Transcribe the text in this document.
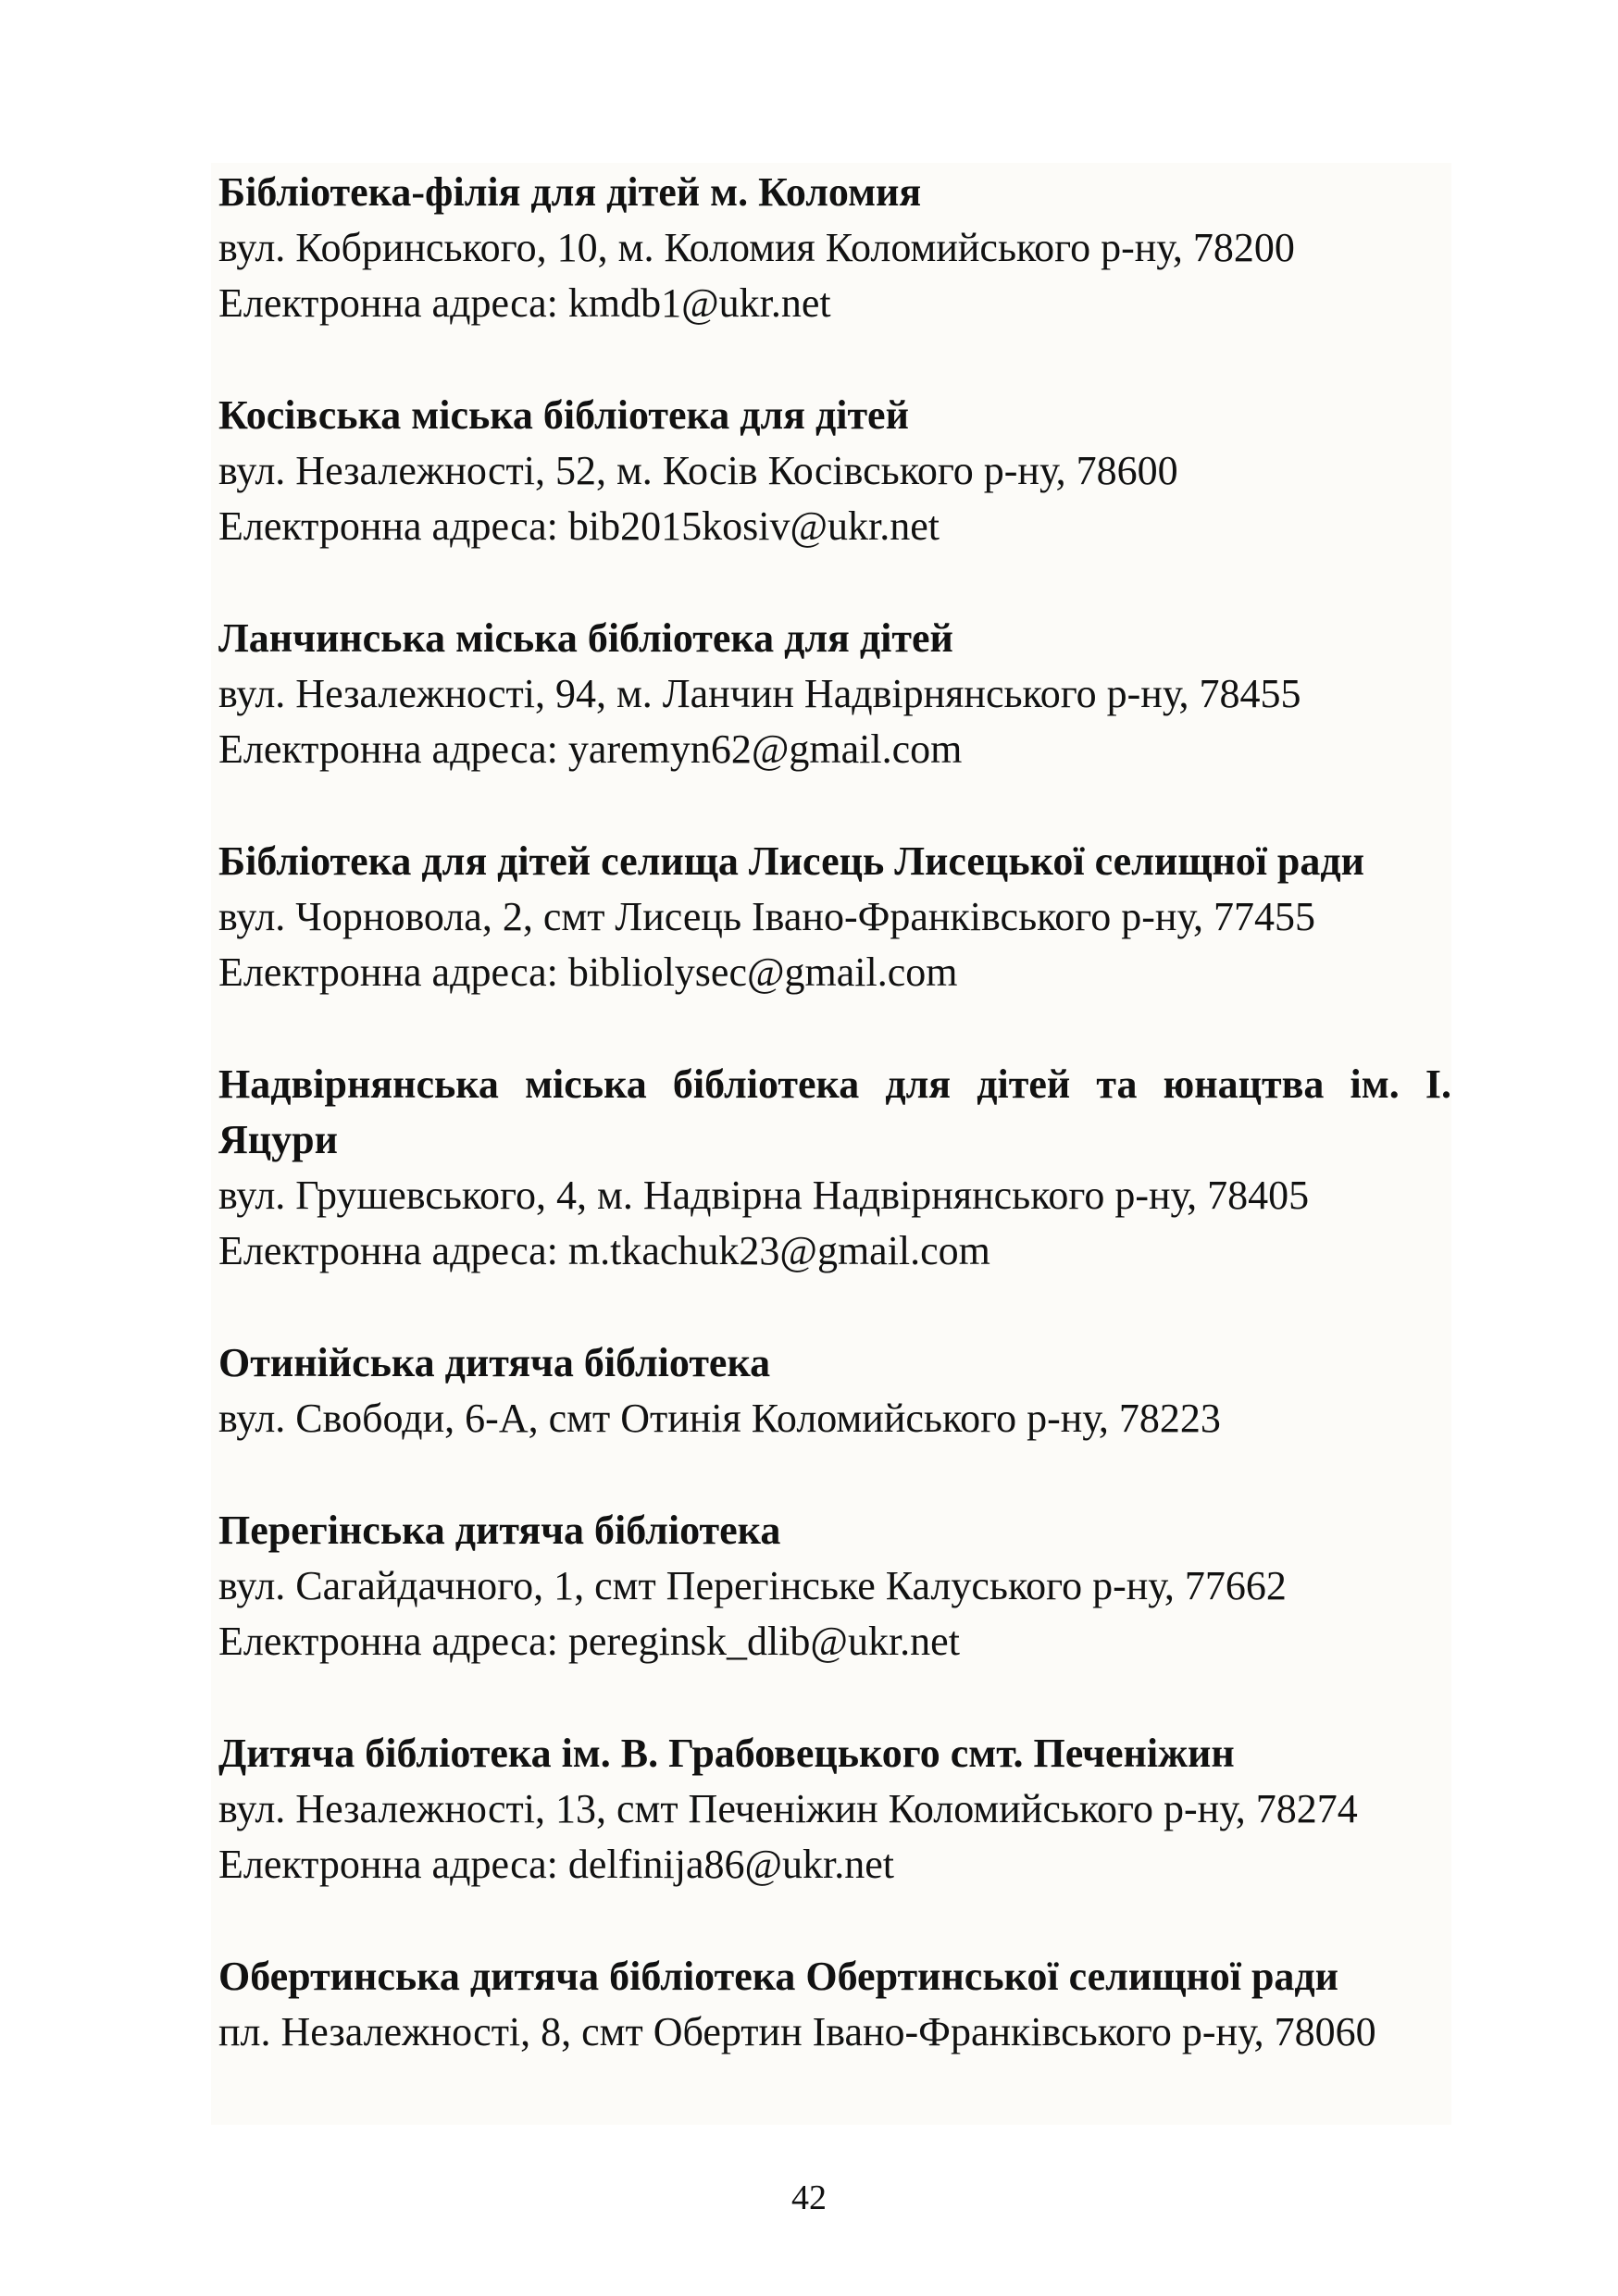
Бібліотека-філія для дітей м. Коломия

вул. Кобринського, 10, м. Коломия Коломийського р-ну, 78200

Електронна адреса: kmdb1@ukr.net

Косівська міська бібліотека для дітей

вул. Незалежності, 52, м. Косів Косівського р-ну, 78600

Електронна адреса: bib2015kosiv@ukr.net

Ланчинська міська бібліотека для дітей

вул. Незалежності, 94, м. Ланчин Надвірнянського р-ну, 78455

Електронна адреса: yaremyn62@gmail.com

Бібліотека для дітей селища Лисець Лисецької селищної ради

вул. Чорновола, 2, смт Лисець Івано-Франківського р-ну, 77455

Електронна адреса: bibliolysec@gmail.com

Надвірнянська міська бібліотека для дітей та юнацтва ім. І. Яцури

вул. Грушевського, 4, м. Надвірна Надвірнянського р-ну, 78405

Електронна адреса: m.tkachuk23@gmail.com

Отинійська дитяча бібліотека

вул. Свободи, 6-А, смт Отинія Коломийського р-ну, 78223

Перегінська дитяча бібліотека

вул. Сагайдачного, 1, смт Перегінське Калуського р-ну, 77662

Електронна адреса: pereginsk_dlib@ukr.net

Дитяча бібліотека ім. В. Грабовецького смт. Печеніжин

вул. Незалежності, 13, смт Печеніжин Коломийського р-ну, 78274

Електронна адреса: delfinija86@ukr.net

Обертинська дитяча бібліотека Обертинської селищної ради

пл. Незалежності, 8, смт Обертин Івано-Франківського р-ну, 78060

42
